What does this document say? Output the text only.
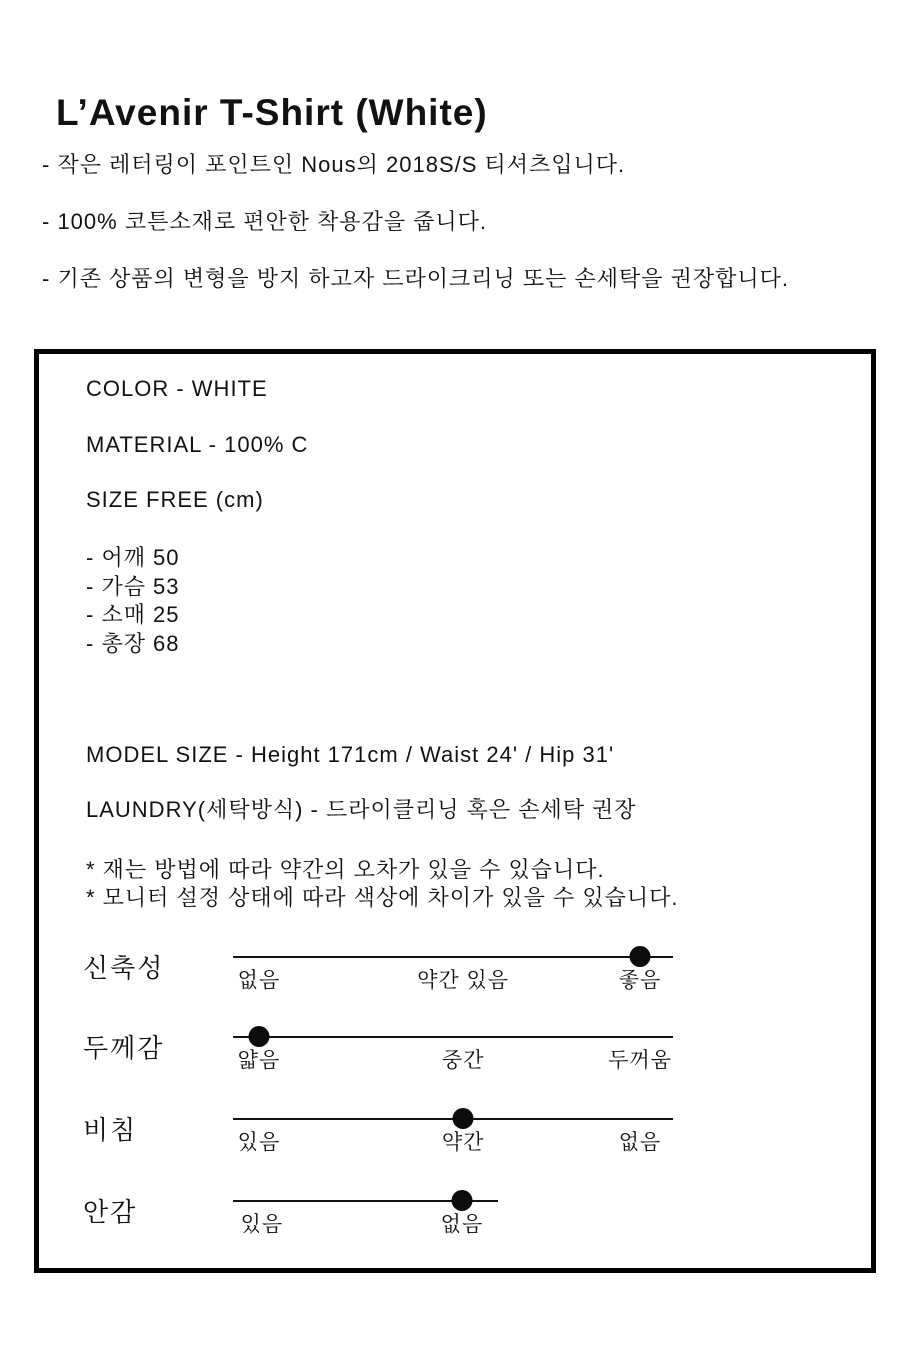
L’Avenir T-Shirt (White)
- 작은 레터링이 포인트인 Nous의 2018S/S 티셔츠입니다.
- 100% 코튼소재로 편안한 착용감을 줍니다.
- 기존 상품의 변형을 방지 하고자 드라이크리닝 또는 손세탁을 권장합니다.
COLOR - WHITE
MATERIAL - 100% C
SIZE FREE (cm)
- 어깨 50
- 가슴 53
- 소매 25
- 총장 68
MODEL SIZE - Height 171cm / Waist 24' / Hip 31'
LAUNDRY(세탁방식) - 드라이클리닝 혹은 손세탁 권장
* 재는 방법에 따라 약간의 오차가 있을 수 있습니다.
* 모니터 설정 상태에 따라 색상에 차이가 있을 수 있습니다.
신축성	없음	약간 있음	좋음
두께감	얇음	중간	두꺼움
비침	있음	약간	없음
안감	있음	없음
